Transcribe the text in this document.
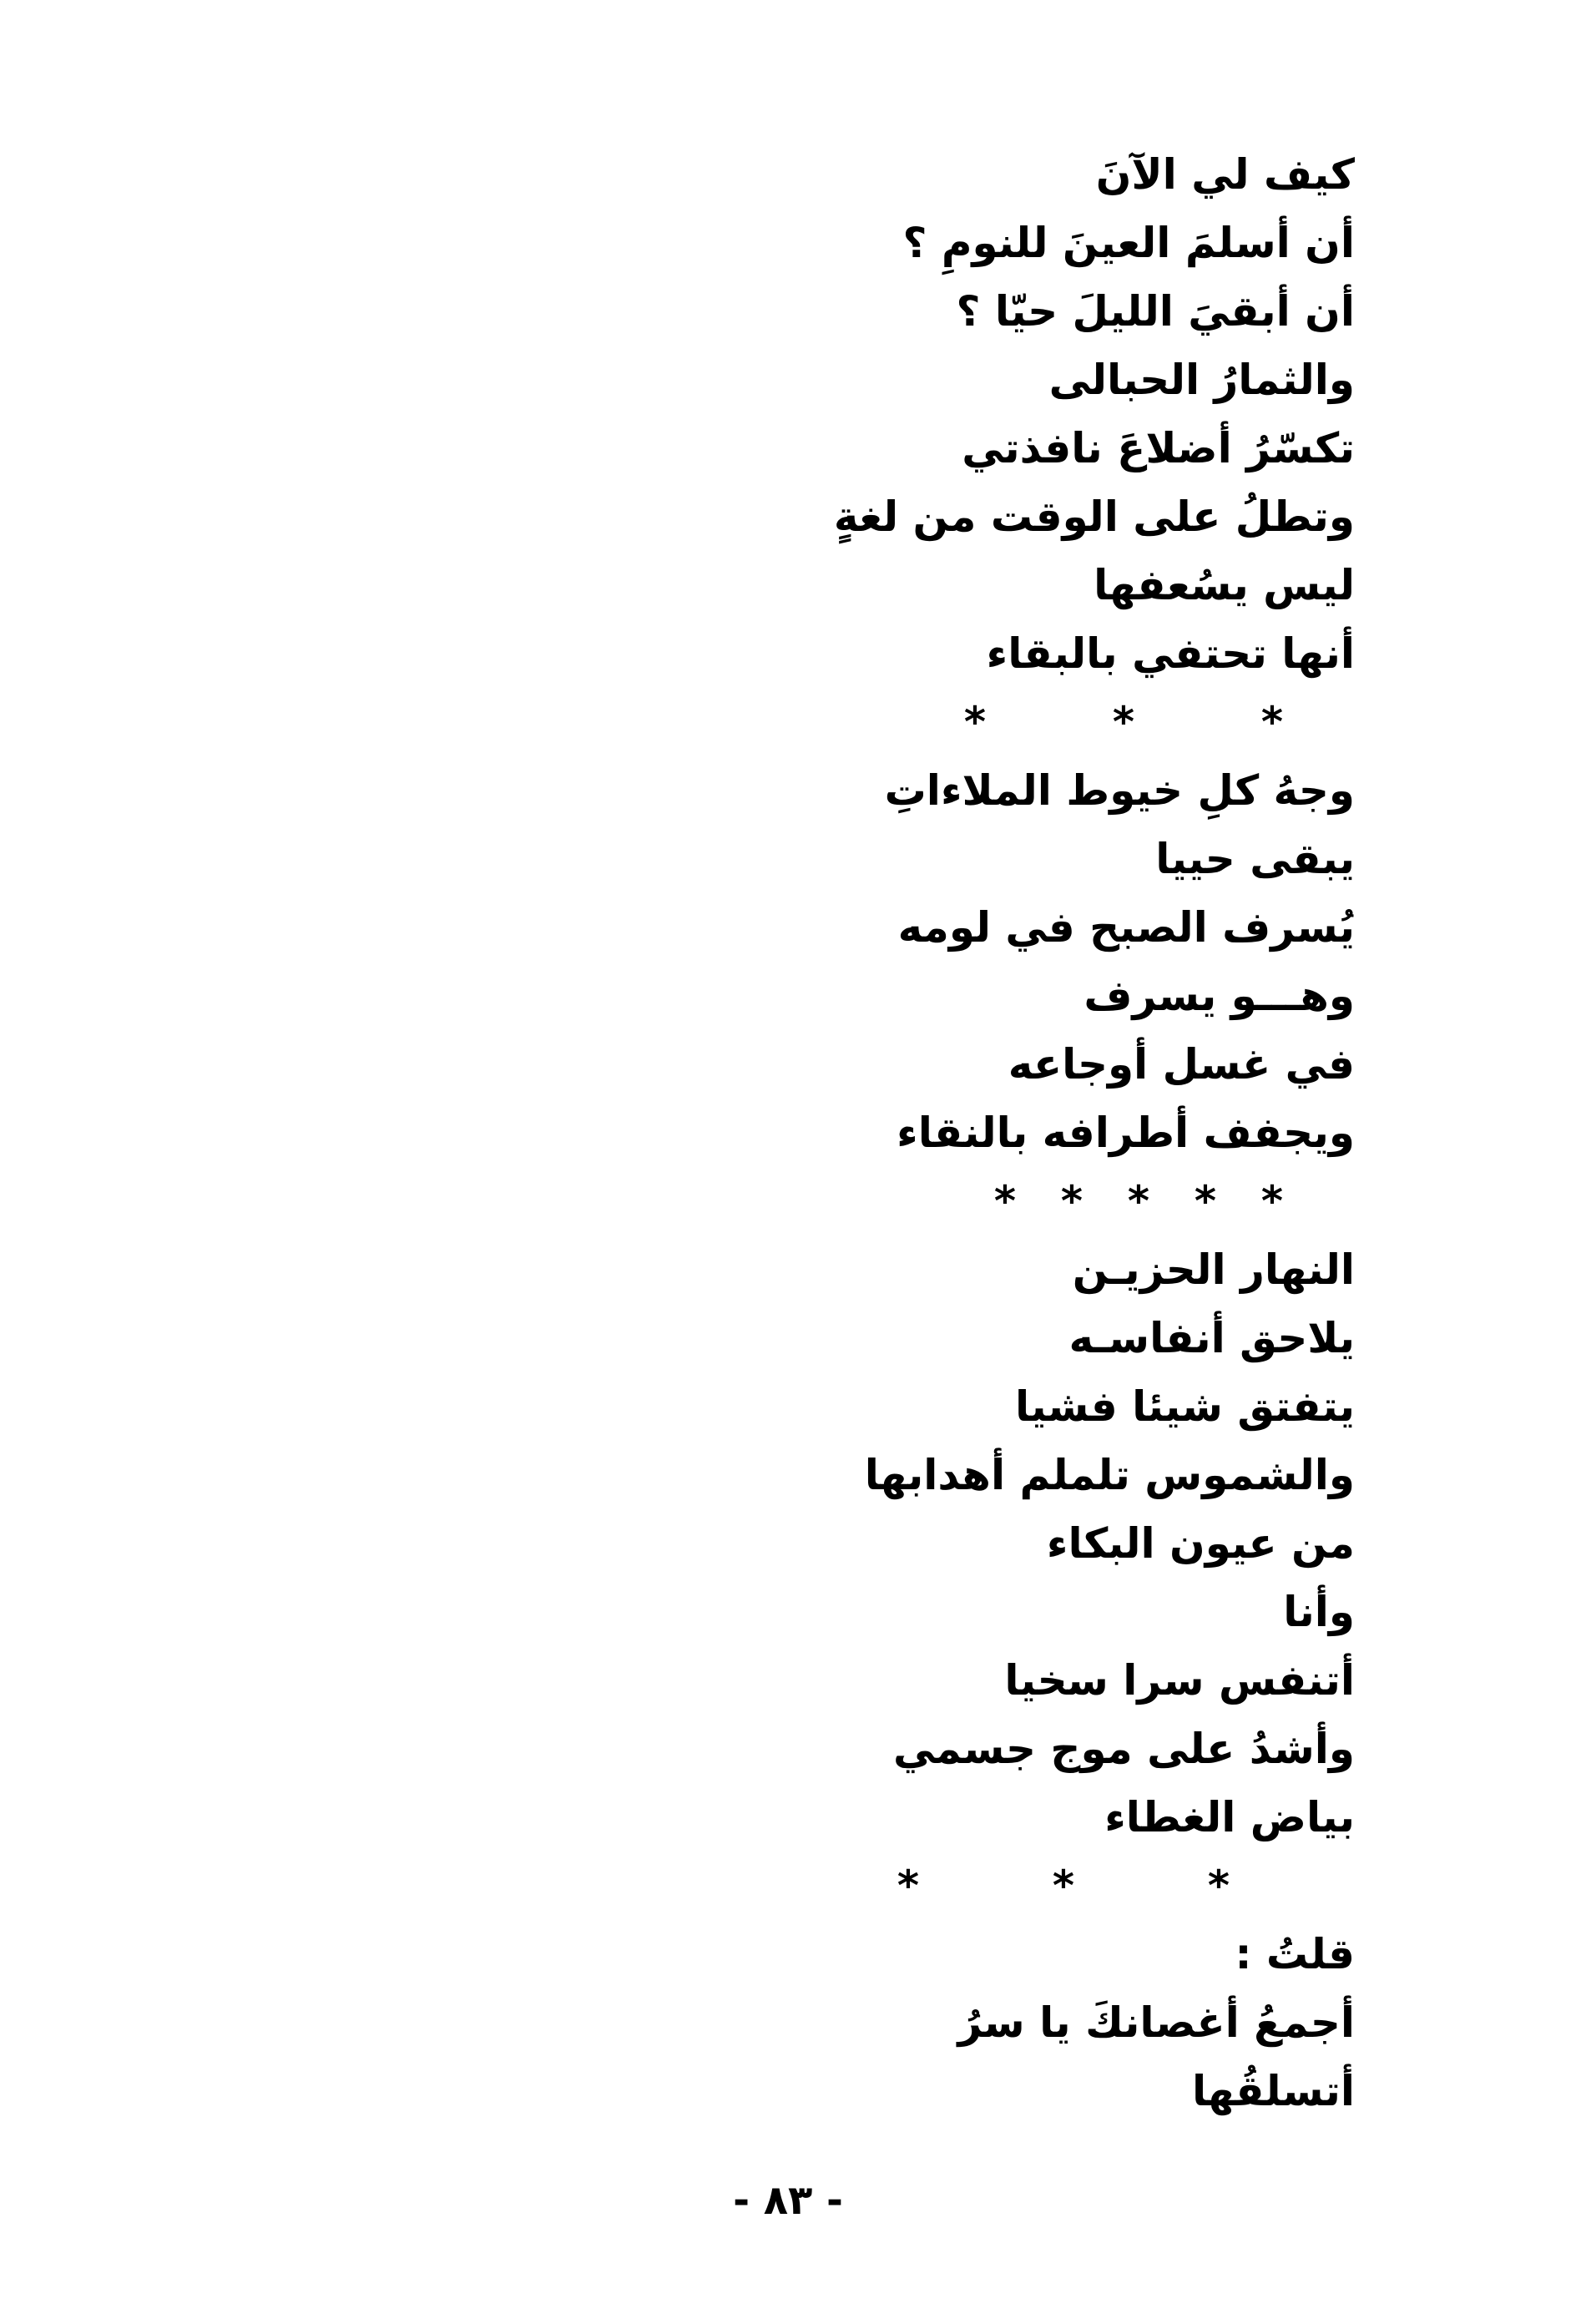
كيف لي الآنَ
أن أسلمَ العينَ للنومِ ؟
أن أبقيَ الليلَ حيّا ؟
والثمارُ الحبالى
تكسّرُ أضلاعَ نافذتي
وتطلُ على الوقت من لغةٍ
ليس يسُعفها
أنها تحتفي بالبقاء
*
*
*
وجهُ كلِ خيوط الملاءاتِ
يبقى حييا
يُسرف الصبح في لومه
وهـــو يسرف
في غسل أوجاعه
ويجفف أطرافه بالنقاء
*
*
*
*
*
النهار الحزيـن
يلاحق أنفاسـه
يتفتق شيئا فشيا
والشموس تلملم أهدابها
من عيون البكاء
وأنا
أتنفس سرا سخيا
وأشدُ على موج جسمي
بياض الغطاء
*
*
*
قلتُ :
أجمعُ أغصانكَ يا سرُ
أتسلقُها
- ٨٣ -
